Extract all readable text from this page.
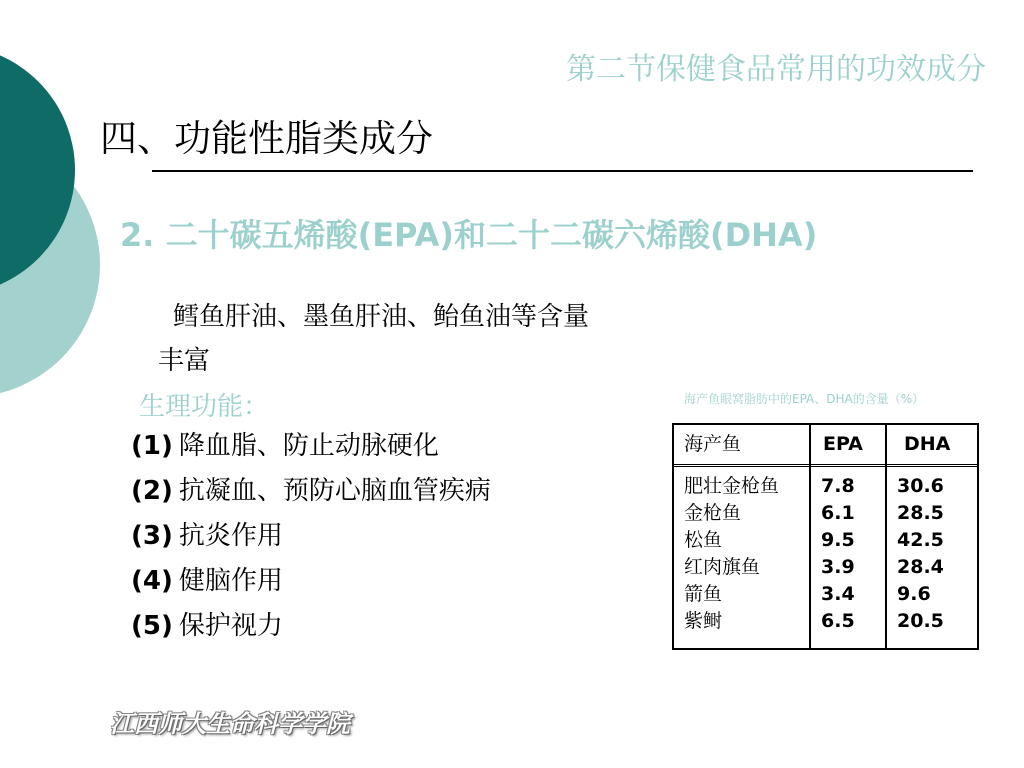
第二节保健食品常用的功效成分
四、功能性脂类成分
2. 二十碳五烯酸(EPA)和二十二碳六烯酸(DHA)
鳕鱼肝油、墨鱼肝油、鲐鱼油等含量
丰富
生理功能：
(1) 降血脂、防止动脉硬化
(2) 抗凝血、预防心脑血管疾病
(3) 抗炎作用
(4) 健脑作用
(5) 保护视力
海产鱼眼窝脂肪中的EPA、DHA的含量（%）
海产鱼
肥壮金枪鱼
金枪鱼
松鱼
红肉旗鱼
箭鱼
紫鲥
EPA
7.8
6.1
9.5
3.9
3.4
6.5
DHA
30.6
28.5
42.5
28.4
9.6
20.5
江西师大生命科学学院
